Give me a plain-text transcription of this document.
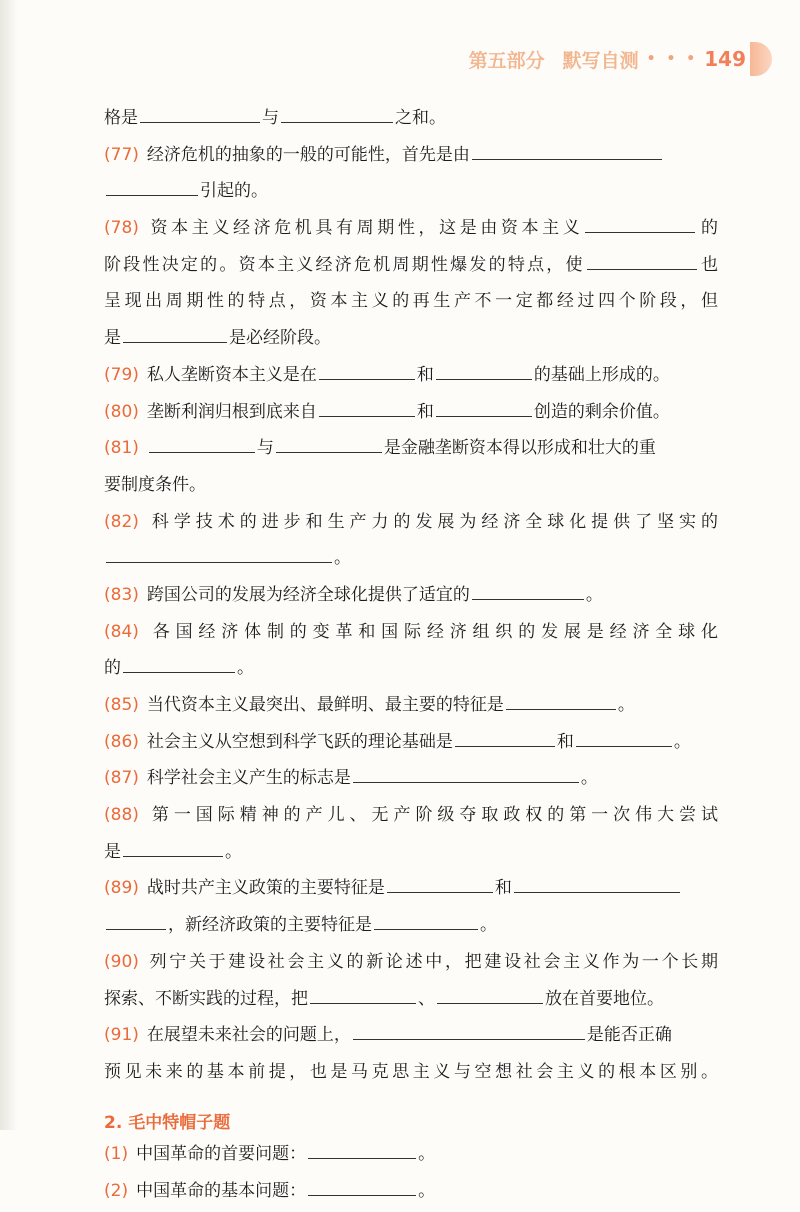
第五部分 默写自测 • • • 149
格是	与	之和。
(77) 经济危机的抽象的一般的可能性，首先是由
引起的。
(78) 资本主义经济危机具有周期性，这是由资本主义	的
阶段性决定的。资本主义经济危机周期性爆发的特点，使	也
呈现出周期性的特点，资本主义的再生产不一定都经过四个阶段，但
是	是必经阶段。
(79) 私人垄断资本主义是在	和	的基础上形成的。
(80) 垄断利润归根到底来自	和	创造的剩余价值。
(81)	与	是金融垄断资本得以形成和壮大的重
要制度条件。
(82) 科学技术的进步和生产力的发展为经济全球化提供了坚实的
。
(83) 跨国公司的发展为经济全球化提供了适宜的	。
(84) 各国经济体制的变革和国际经济组织的发展是经济全球化
的	。
(85) 当代资本主义最突出、最鲜明、最主要的特征是	。
(86) 社会主义从空想到科学飞跃的理论基础是	和	。
(87) 科学社会主义产生的标志是	。
(88) 第一国际精神的产儿、无产阶级夺取政权的第一次伟大尝试
是	。
(89) 战时共产主义政策的主要特征是	和
，新经济政策的主要特征是	。
(90) 列宁关于建设社会主义的新论述中，把建设社会主义作为一个长期
探索、不断实践的过程，把	、	放在首要地位。
(91) 在展望未来社会的问题上，	是能否正确
预见未来的基本前提，也是马克思主义与空想社会主义的根本区别。
2. 毛中特帽子题
(1) 中国革命的首要问题：	。
(2) 中国革命的基本问题：	。
